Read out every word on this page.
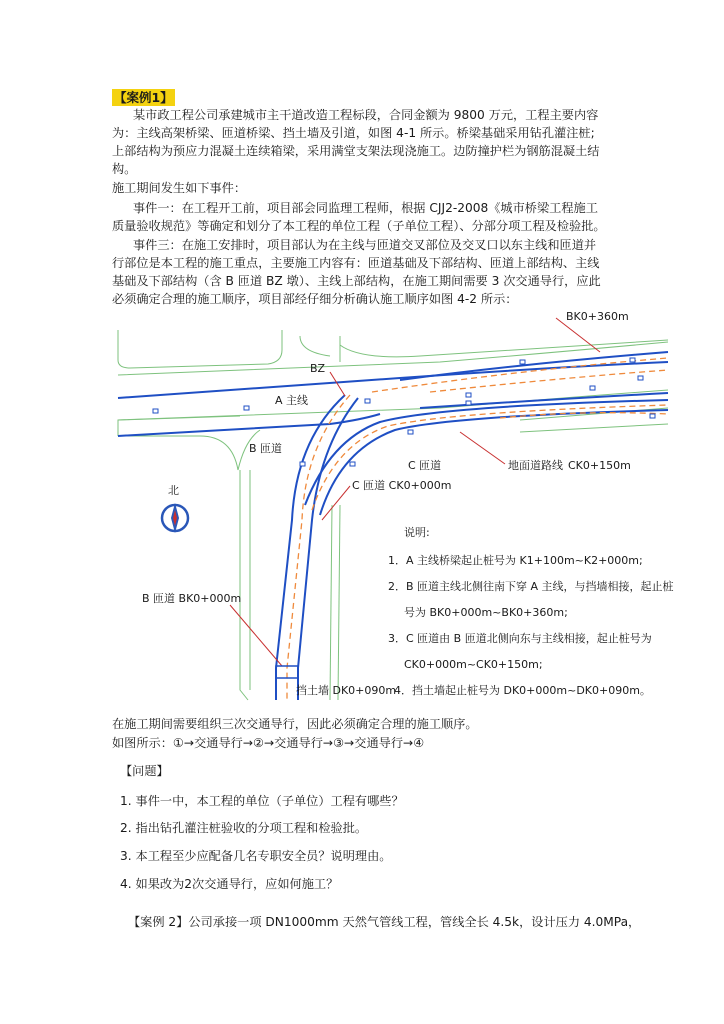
【案例1】
某市政工程公司承建城市主干道改造工程标段，合同金额为 9800 万元，工程主要内容
为：主线高架桥梁、匝道桥梁、挡土墙及引道，如图 4-1 所示。桥梁基础采用钻孔灌注桩;
上部结构为预应力混凝土连续箱梁，采用满堂支架法现浇施工。边防撞护栏为钢筋混凝土结
构。
施工期间发生如下事件：
事件一：在工程开工前，项目部会同监理工程师，根据 CJJ2-2008《城市桥梁工程施工
质量验收规范》等确定和划分了本工程的单位工程（子单位工程）、分部分项工程及检验批。
事件三：在施工安排时，项目部认为在主线与匝道交叉部位及交叉口以东主线和匝道并
行部位是本工程的施工重点，主要施工内容有：匝道基础及下部结构、匝道上部结构、主线
基础及下部结构（含 B 匝道 BZ 墩）、主线上部结构，在施工期间需要 3 次交通导行，应此
必须确定合理的施工顺序，项目部经仔细分析确认施工顺序如图 4-2 所示：
BK0+360m
BZ
A 主线
B 匝道
C 匝道	地面道路线 CK0+150m
C 匝道 CK0+000m
北
B 匝道 BK0+000m
挡土墙 DK0+090m
说明:
1．A 主线桥梁起止桩号为 K1+100m~K2+000m;
2．B 匝道主线北侧往南下穿 A 主线，与挡墙相接，起止桩
号为 BK0+000m~BK0+360m;
3．C 匝道由 B 匝道北侧向东与主线相接，起止桩号为
CK0+000m~CK0+150m;
4．挡土墙起止桩号为 DK0+000m~DK0+090m。
在施工期间需要组织三次交通导行，因此必须确定合理的施工顺序。
如图所示：①→交通导行→②→交通导行→③→交通导行→④
【问题】
1. 事件一中，本工程的单位（子单位）工程有哪些？
2. 指出钻孔灌注桩验收的分项工程和检验批。
3. 本工程至少应配备几名专职安全员？说明理由。
4. 如果改为2次交通导行，应如何施工？
【案例 2】公司承接一项 DN1000mm 天然气管线工程，管线全长 4.5k，设计压力 4.0MPa，
